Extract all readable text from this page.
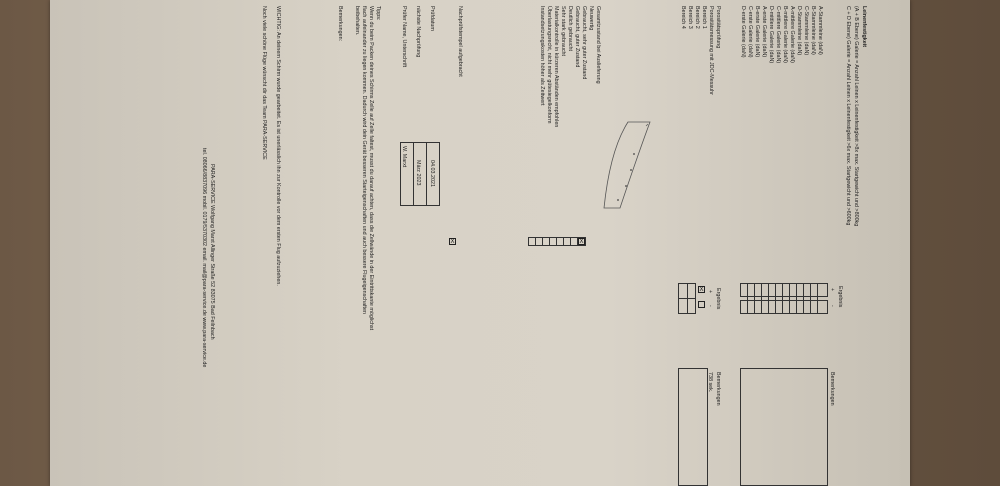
Leinenfestigkeit
(A + B Ebene) Galerie = Anzahl Leinen x Leinenfestigkeit >8x max. Startgewicht und >800kg
C + D Ebene) Galerie = Anzahl Leinen x Leinenfestigkeit >6x max. Startgewicht und >600kg
Ergebnis
+
-
Bemerkungen
A-Stammleine (daN)
B-Stammleine (daN)
C-Stammleine (daN)
D-Stammleine (daN)
A-mittlere Galerie (daN)
B-mittlere Galerie (daN)
C-mittlere Galerie (daN)
D-mittlere Galerie (daN)
A-erste Galerie (daN)
B-erste Galerie (daN)
C-erste Galerie (daN)
D-erste Galerie (daN)
Porositätsprüfung
Porositätsmessung mit JDC-Messuhr
Bereich 1
Bereich 2
Bereich 3
Bereich 4
Ergebnis
+
-
Bemerkungen
738 sek.
X
Gesamtzustand bei Auslieferung
Neuwertig
Gebraucht, sehr guter Zustand
Gebraucht, guter Zustand
Deutlich gebraucht
Sehr stark gebraucht
Materialkontrolle in kürzeren Abständen empfohlen
Überlastungsrecht, nicht mehr gütesiegelkonform
Instandsetzungskosten höher als Zeitwert
X
Nachprüfstempel aufgebracht
X
Prüfdatum
nächste Nachprüfung
Prüfer Name, Unterschrift
04.03.2021
März 2023
W. Marxt
Tipps:
Wenn du beim Packen deines Schirms Zelle auf Zelle faltest, musst du darauf achten, dass die Zellwände in der Eintrittskante möglichst
flach aufeinander zu liegen kommen. Dadurch wird dein Gerät besseren Starteigenschaften und auch bessere Flugeigenschaften
beibehalten.
Bemerkungen:
WICHTIG: An deinem Schirm wurde gearbeitet. Es ist unerlässlich ihn zur Kontrolle vor dem ersten Flug aufzuziehen.
Noch viele schöne Flüge wünscht dir das Team PARA-SERVICE
PARA-SERVICE Wolfgang Marxt Allinger Straße 52 83075 Bad Feilnbach
tel. 08066/8837096 mobil. 0179/5370302 email. mail@para-service.de www.para-service.de
